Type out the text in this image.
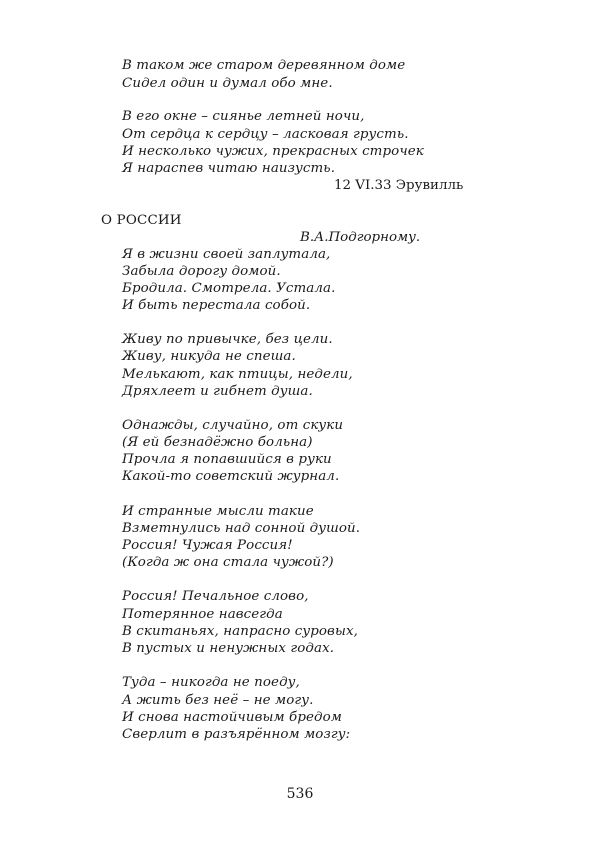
В таком же старом деревянном доме

Сидел один и думал обо мне.

В его окне – сиянье летней ночи,

От сердца к сердцу – ласковая грусть.

И несколько чужих, прекрасных строчек

Я нараспев читаю наизусть.

12 VI.33 Эрувилль

О РОССИИ

В.А.Подгорному.

Я в жизни своей заплутала,

Забыла дорогу домой.

Бродила. Смотрела. Устала.

И быть перестала собой.

Живу по привычке, без цели.

Живу, никуда не спеша.

Мелькают, как птицы, недели,

Дряхлеет и гибнет душа.

Однажды, случайно, от скуки

(Я ей безнадёжно больна)

Прочла я попавшийся в руки

Какой-то советский журнал.

И странные мысли такие

Взметнулись над сонной душой.

Россия! Чужая Россия!

(Когда ж она стала чужой?)

Россия! Печальное слово,

Потерянное навсегда

В скитаньях, напрасно суровых,

В пустых и ненужных годах.

Туда – никогда не поеду,

А жить без неё – не могу.

И снова настойчивым бредом

Сверлит в разъярённом мозгу:

536
